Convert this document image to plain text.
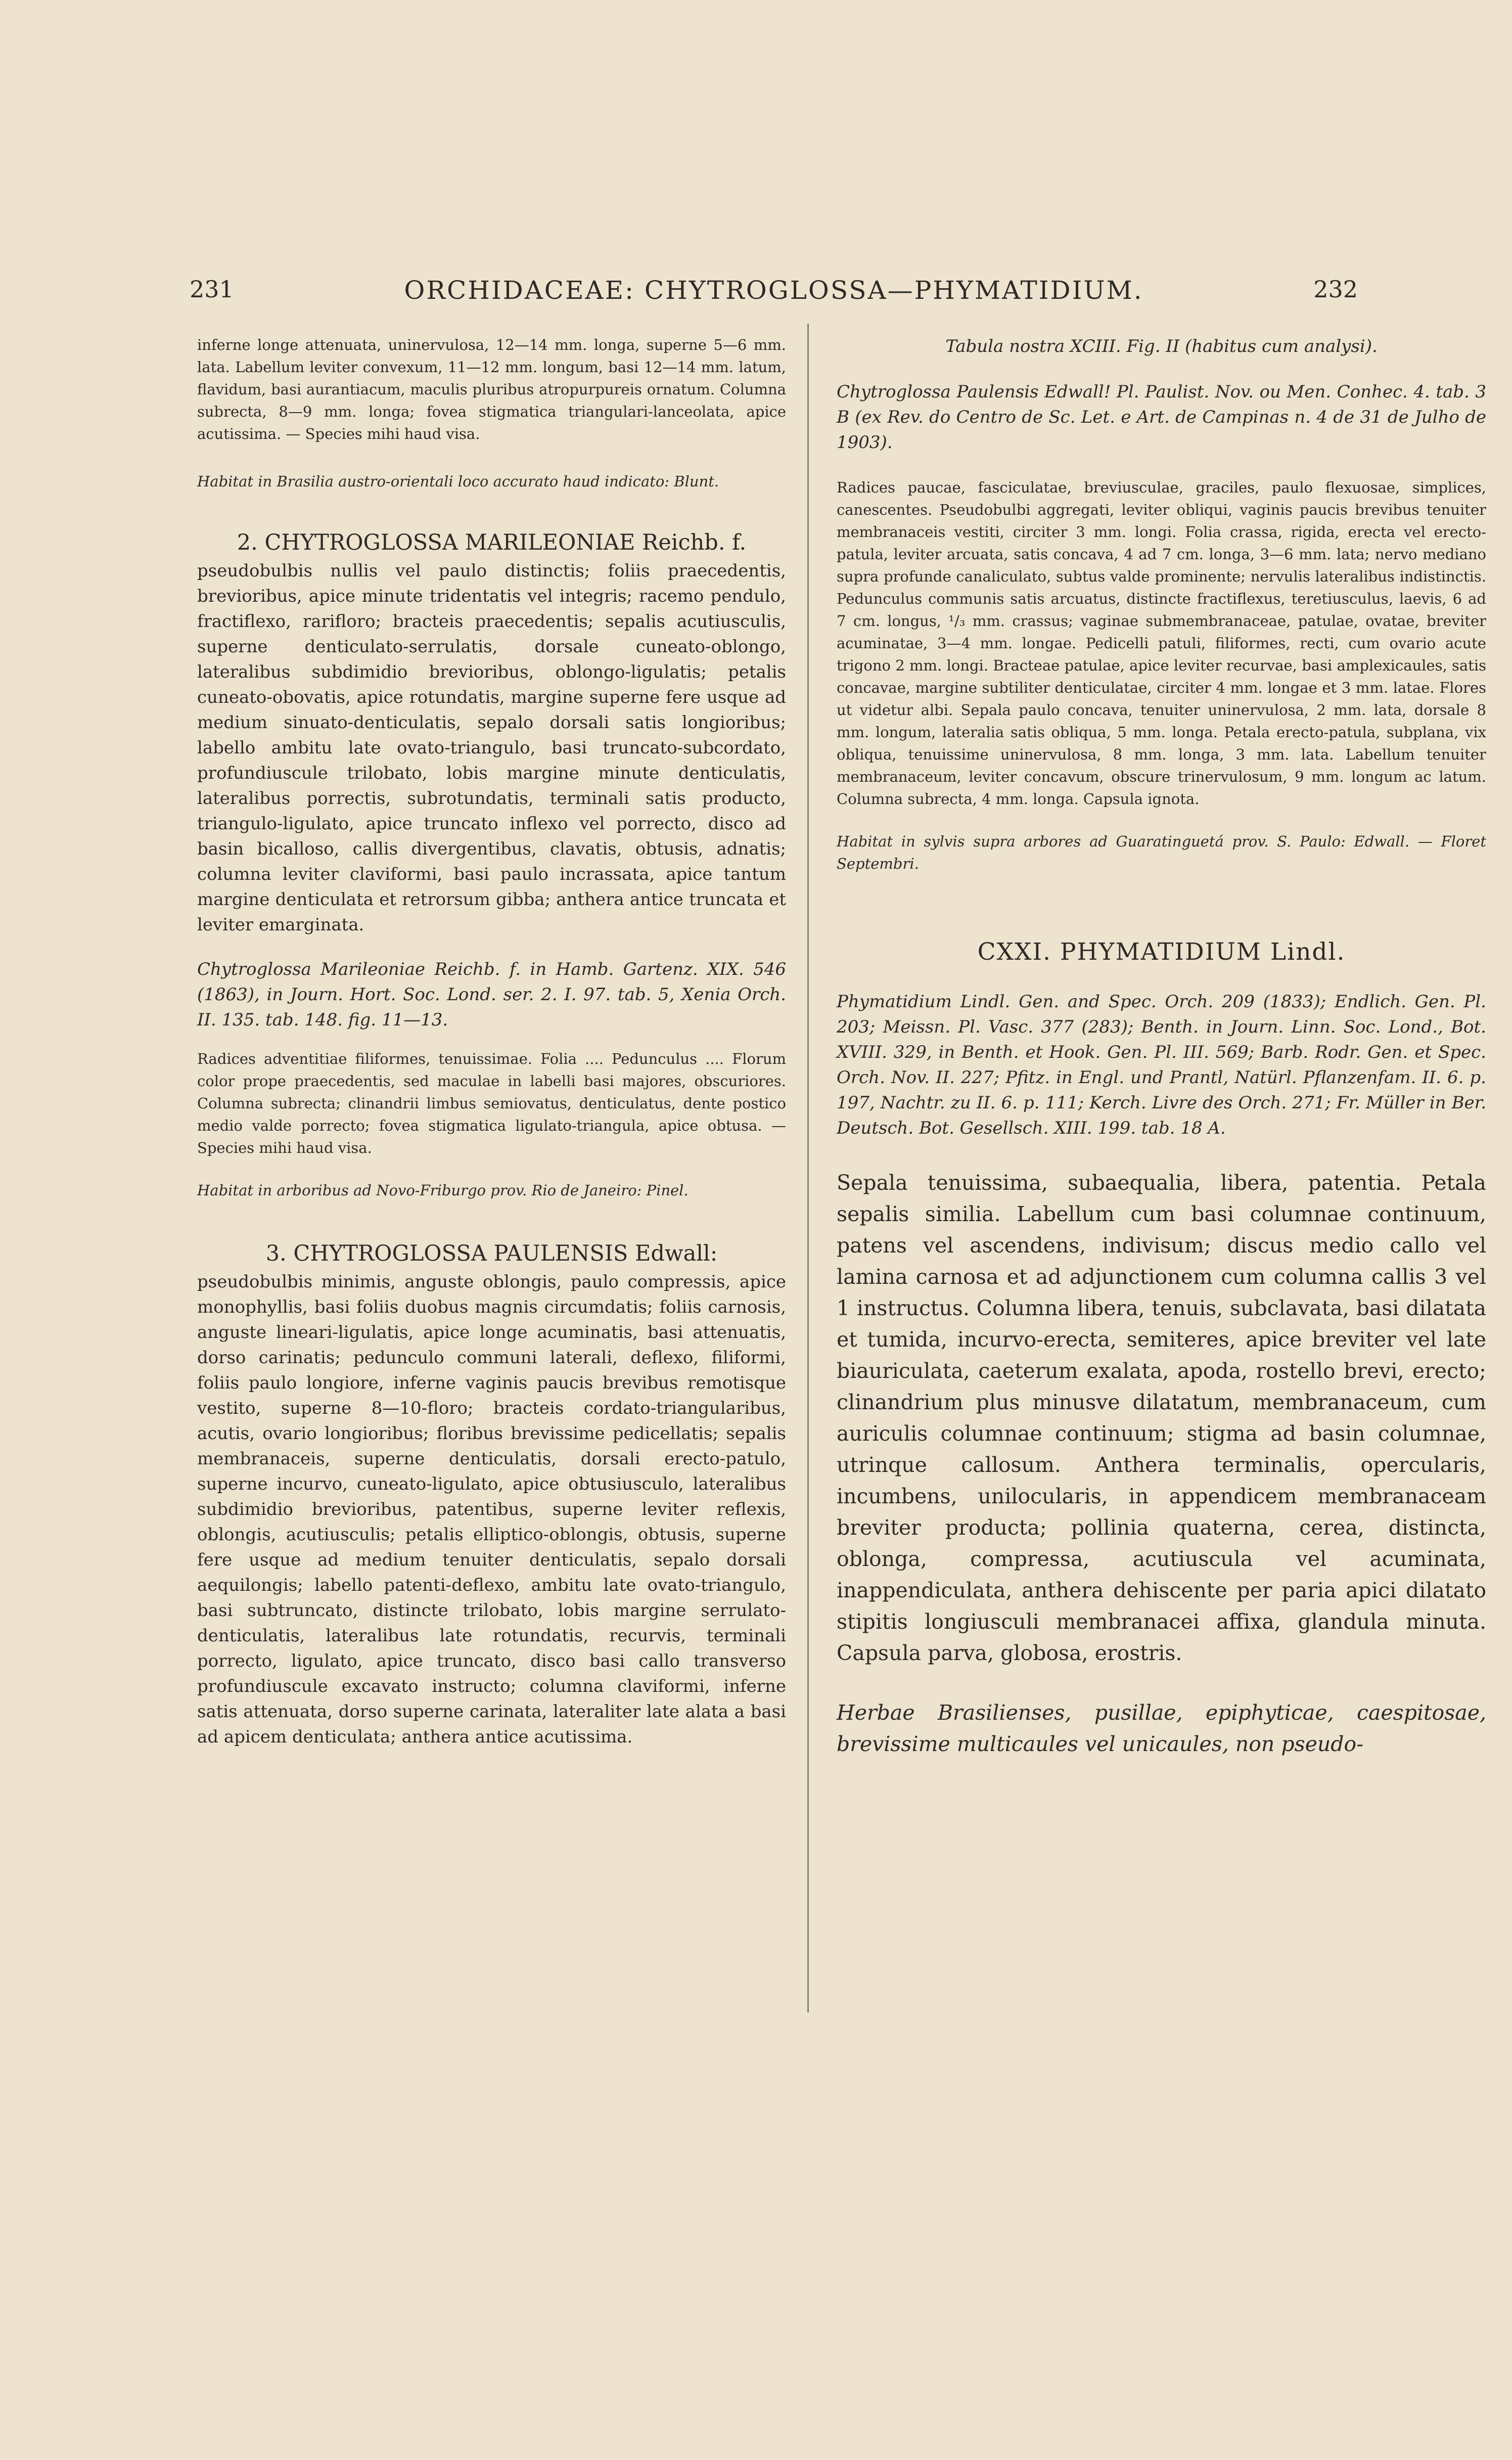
231	ORCHIDACEAE: CHYTROGLOSSA—PHYMATIDIUM.	232

inferne longe attenuata, uninervulosa, 12—14 mm. longa, superne 5—6 mm. lata. Labellum leviter convexum, 11—12 mm. longum, basi 12—14 mm. latum, flavidum, basi aurantiacum, maculis pluribus atropurpureis ornatum. Columna subrecta, 8—9 mm. longa; fovea stigmatica triangulari-lanceolata, apice acutissima. — Species mihi haud visa.

Habitat in Brasilia austro-orientali loco accurato haud indicato: Blunt.

2. CHYTROGLOSSA MARILEONIAE Reichb. f.

pseudobulbis nullis vel paulo distinctis; foliis praecedentis, brevioribus, apice minute tridentatis vel integris; racemo pendulo, fractiflexo, rarifloro; bracteis praecedentis; sepalis acutiusculis, superne denticulato-serrulatis, dorsale cuneato-oblongo, lateralibus subdimidio brevioribus, oblongo-ligulatis; petalis cuneato-obovatis, apice rotundatis, margine superne fere usque ad medium sinuato-denticulatis, sepalo dorsali satis longioribus; labello ambitu late ovato-triangulo, basi truncato-subcordato, profundiuscule trilobato, lobis margine minute denticulatis, lateralibus porrectis, subrotundatis, terminali satis producto, triangulo-ligulato, apice truncato inflexo vel porrecto, disco ad basin bicalloso, callis divergentibus, clavatis, obtusis, adnatis; columna leviter claviformi, basi paulo incrassata, apice tantum margine denticulata et retrorsum gibba; anthera antice truncata et leviter emarginata.

Chytroglossa Marileoniae Reichb. f. in Hamb. Gartenz. XIX. 546 (1863), in Journ. Hort. Soc. Lond. ser. 2. I. 97. tab. 5, Xenia Orch. II. 135. tab. 148. fig. 11—13.

Radices adventitiae filiformes, tenuissimae. Folia .... Pedunculus .... Florum color prope praecedentis, sed maculae in labelli basi majores, obscuriores. Columna subrecta; clinandrii limbus semiovatus, denticulatus, dente postico medio valde porrecto; fovea stigmatica ligulato-triangula, apice obtusa. — Species mihi haud visa.

Habitat in arboribus ad Novo-Friburgo prov. Rio de Janeiro: Pinel.

3. CHYTROGLOSSA PAULENSIS Edwall:

pseudobulbis minimis, anguste oblongis, paulo compressis, apice monophyllis, basi foliis duobus magnis circumdatis; foliis carnosis, anguste lineari-ligulatis, apice longe acuminatis, basi attenuatis, dorso carinatis; pedunculo communi laterali, deflexo, filiformi, foliis paulo longiore, inferne vaginis paucis brevibus remotisque vestito, superne 8—10-floro; bracteis cordato-triangularibus, acutis, ovario longioribus; floribus brevissime pedicellatis; sepalis membranaceis, superne denticulatis, dorsali erecto-patulo, superne incurvo, cuneato-ligulato, apice obtusiusculo, lateralibus subdimidio brevioribus, patentibus, superne leviter reflexis, oblongis, acutiusculis; petalis elliptico-oblongis, obtusis, superne fere usque ad medium tenuiter denticulatis, sepalo dorsali aequilongis; labello patenti-deflexo, ambitu late ovato-triangulo, basi subtruncato, distincte trilobato, lobis margine serrulato-denticulatis, lateralibus late rotundatis, recurvis, terminali porrecto, ligulato, apice truncato, disco basi callo transverso profundiuscule excavato instructo; columna claviformi, inferne satis attenuata, dorso superne carinata, lateraliter late alata a basi ad apicem denticulata; anthera antice acutissima.

Tabula nostra XCIII. Fig. II (habitus cum analysi).

Chytroglossa Paulensis Edwall! Pl. Paulist. Nov. ou Men. Conhec. 4. tab. 3 B (ex Rev. do Centro de Sc. Let. e Art. de Campinas n. 4 de 31 de Julho de 1903).

Radices paucae, fasciculatae, breviusculae, graciles, paulo flexuosae, simplices, canescentes. Pseudobulbi aggregati, leviter obliqui, vaginis paucis brevibus tenuiter membranaceis vestiti, circiter 3 mm. longi. Folia crassa, rigida, erecta vel erecto-patula, leviter arcuata, satis concava, 4 ad 7 cm. longa, 3—6 mm. lata; nervo mediano supra profunde canaliculato, subtus valde prominente; nervulis lateralibus indistinctis. Pedunculus communis satis arcuatus, distincte fractiflexus, teretiusculus, laevis, 6 ad 7 cm. longus, ¹/₃ mm. crassus; vaginae submembranaceae, patulae, ovatae, breviter acuminatae, 3—4 mm. longae. Pedicelli patuli, filiformes, recti, cum ovario acute trigono 2 mm. longi. Bracteae patulae, apice leviter recurvae, basi amplexicaules, satis concavae, margine subtiliter denticulatae, circiter 4 mm. longae et 3 mm. latae. Flores ut videtur albi. Sepala paulo concava, tenuiter uninervulosa, 2 mm. lata, dorsale 8 mm. longum, lateralia satis obliqua, 5 mm. longa. Petala erecto-patula, subplana, vix obliqua, tenuissime uninervulosa, 8 mm. longa, 3 mm. lata. Labellum tenuiter membranaceum, leviter concavum, obscure trinervulosum, 9 mm. longum ac latum. Columna subrecta, 4 mm. longa. Capsula ignota.

Habitat in sylvis supra arbores ad Guaratinguetá prov. S. Paulo: Edwall. — Floret Septembri.

CXXI. PHYMATIDIUM Lindl.

Phymatidium Lindl. Gen. and Spec. Orch. 209 (1833); Endlich. Gen. Pl. 203; Meissn. Pl. Vasc. 377 (283); Benth. in Journ. Linn. Soc. Lond., Bot. XVIII. 329, in Benth. et Hook. Gen. Pl. III. 569; Barb. Rodr. Gen. et Spec. Orch. Nov. II. 227; Pfitz. in Engl. und Prantl, Natürl. Pflanzenfam. II. 6. p. 197, Nachtr. zu II. 6. p. 111; Kerch. Livre des Orch. 271; Fr. Müller in Ber. Deutsch. Bot. Gesellsch. XIII. 199. tab. 18 A.

Sepala tenuissima, subaequalia, libera, patentia. Petala sepalis similia. Labellum cum basi columnae continuum, patens vel ascendens, indivisum; discus medio callo vel lamina carnosa et ad adjunctionem cum columna callis 3 vel 1 instructus. Columna libera, tenuis, subclavata, basi dilatata et tumida, incurvo-erecta, semiteres, apice breviter vel late biauriculata, caeterum exalata, apoda, rostello brevi, erecto; clinandrium plus minusve dilatatum, membranaceum, cum auriculis columnae continuum; stigma ad basin columnae, utrinque callosum. Anthera terminalis, opercularis, incumbens, unilocularis, in appendicem membranaceam breviter producta; pollinia quaterna, cerea, distincta, oblonga, compressa, acutiuscula vel acuminata, inappendiculata, anthera dehiscente per paria apici dilatato stipitis longiusculi membranacei affixa, glandula minuta. Capsula parva, globosa, erostris.

Herbae Brasilienses, pusillae, epiphyticae, caespitosae, brevissime multicaules vel unicaules, non pseudo-
